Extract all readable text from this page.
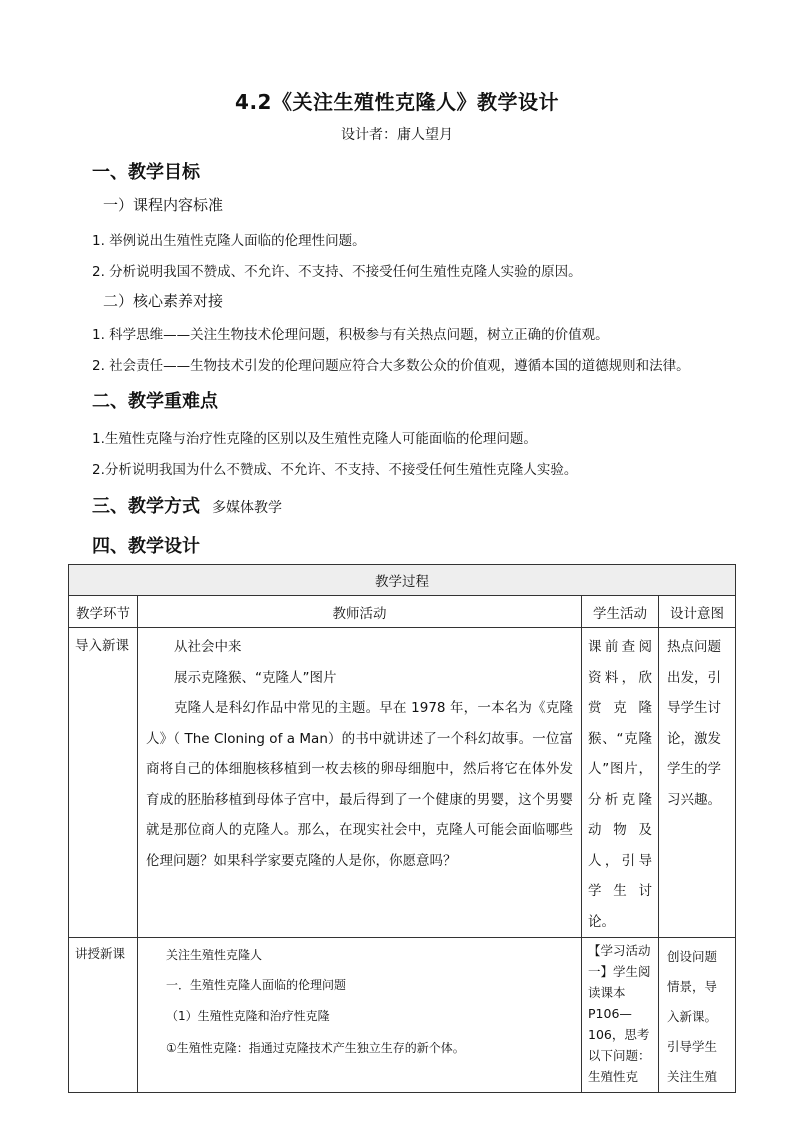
4.2《关注生殖性克隆人》教学设计
设计者：庸人望月
一、教学目标
一）课程内容标准
1. 举例说出生殖性克隆人面临的伦理性问题。
2. 分析说明我国不赞成、不允许、不支持、不接受任何生殖性克隆人实验的原因。
二）核心素养对接
1. 科学思维——关注生物技术伦理问题，积极参与有关热点问题，树立正确的价值观。
2. 社会责任——生物技术引发的伦理问题应符合大多数公众的价值观，遵循本国的道德规则和法律。
二、教学重难点
1.生殖性克隆与治疗性克隆的区别以及生殖性克隆人可能面临的伦理问题。
2.分析说明我国为什么不赞成、不允许、不支持、不接受任何生殖性克隆人实验。
三、教学方式 多媒体教学
四、教学设计
教学过程			
教学环节	教师活动	学生活动	设计意图
导入新课	从社会中来

展示克隆猴、“克隆人”图片

克隆人是科幻作品中常见的主题。早在 1978 年，一本名为《克隆人》（ The Cloning of a Man）的书中就讲述了一个科幻故事。一位富商将自己的体细胞核移植到一枚去核的卵母细胞中，然后将它在体外发育成的胚胎移植到母体子宫中，最后得到了一个健康的男婴，这个男婴就是那位商人的克隆人。那么，在现实社会中，克隆人可能会面临哪些伦理问题？如果科学家要克隆的人是你，你愿意吗？	课前查阅资料，欣赏克隆猴、“克隆人”图片，分析克隆动物及人，引导学生讨论。	热点问题出发，引导学生讨论，激发学生的学习兴趣。
讲授新课	关注生殖性克隆人

一．生殖性克隆人面临的伦理问题

（1）生殖性克隆和治疗性克隆

①生殖性克隆：指通过克隆技术产生独立生存的新个体。	【学习活动一】学生阅读课本P106—106，思考以下问题：生殖性克	创设问题情景，导入新课。引导学生关注生殖
